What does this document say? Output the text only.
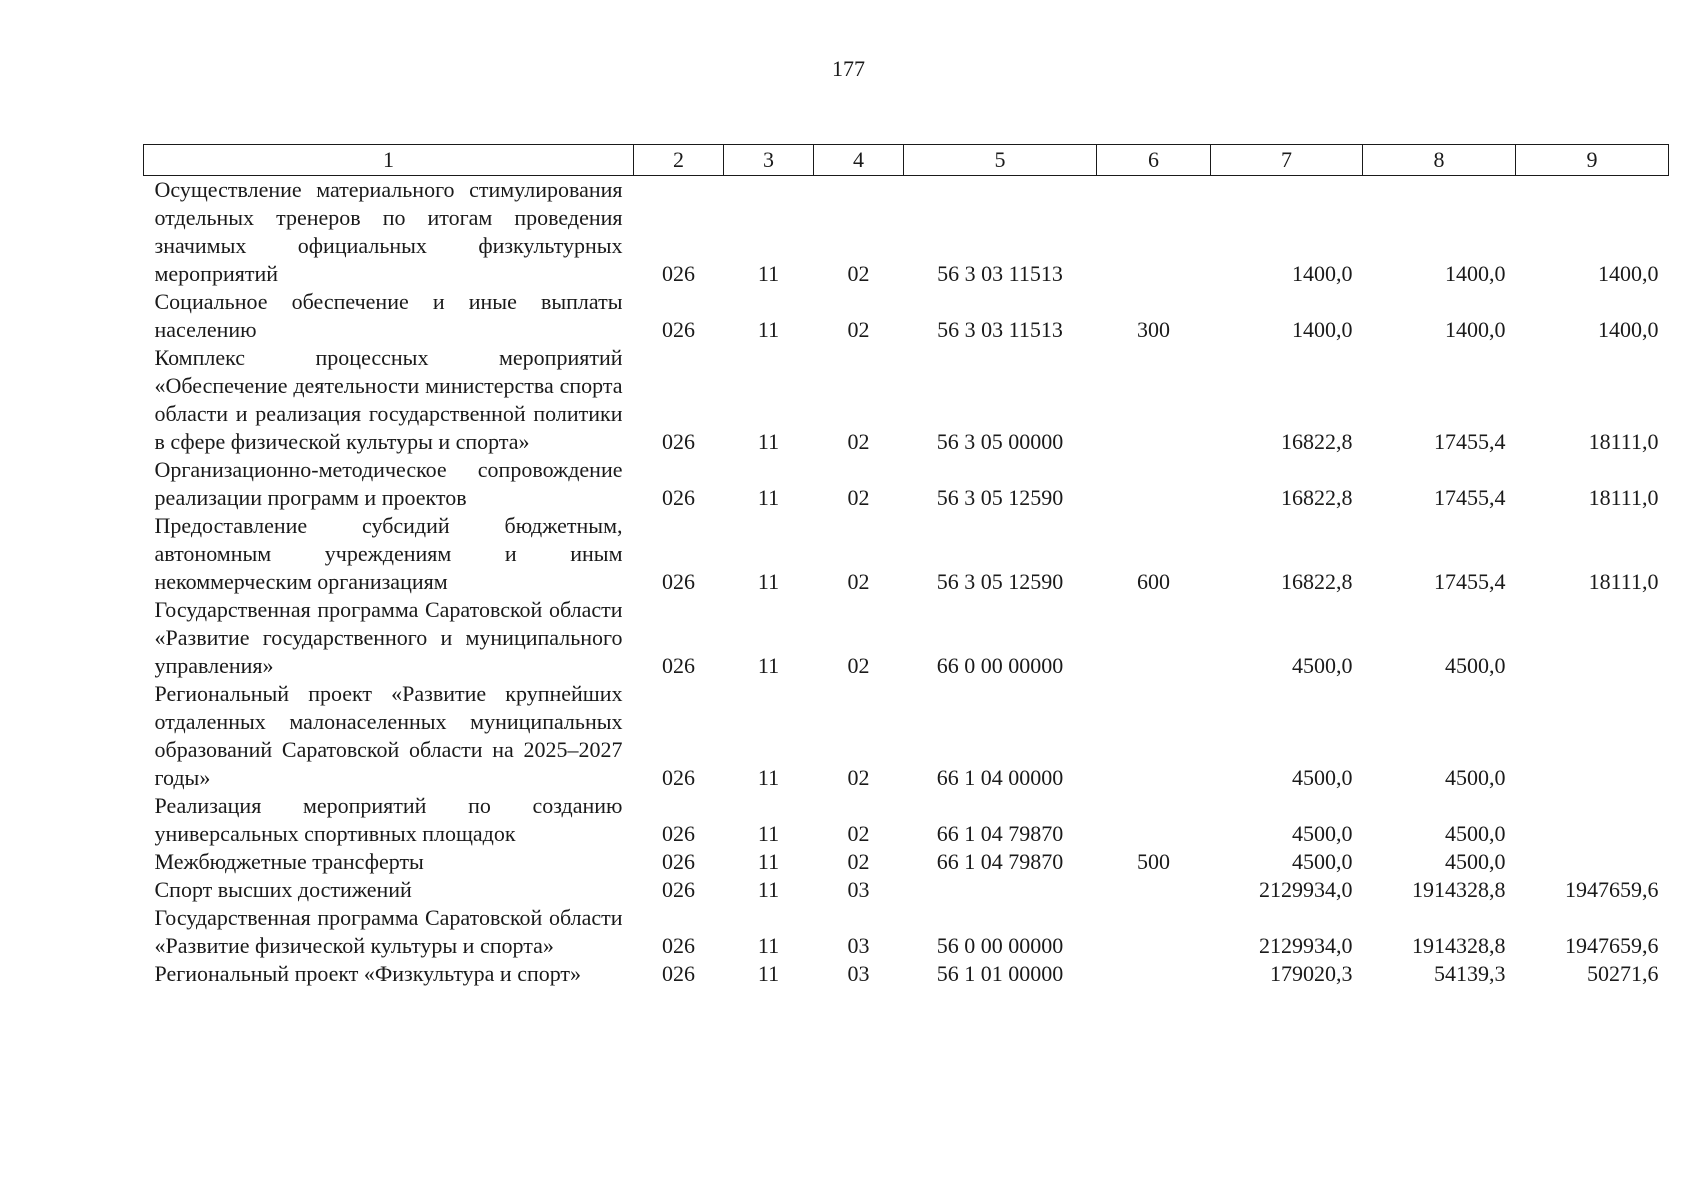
177
1	2	3	4	5	6	7	8	9
Осуществление материального стимулирования отдельных тренеров по итогам проведения значимых официальных физкультурных мероприятий	026	11	02	56 3 03 11513		1400,0	1400,0	1400,0
Социальное обеспечение и иные выплаты населению	026	11	02	56 3 03 11513	300	1400,0	1400,0	1400,0
Комплекс процессных мероприятий «Обеспечение деятельности министерства спорта области и реализация государственной политики в сфере физической культуры и спорта»	026	11	02	56 3 05 00000		16822,8	17455,4	18111,0
Организационно-методическое сопровождение реализации программ и проектов	026	11	02	56 3 05 12590		16822,8	17455,4	18111,0
Предоставление субсидий бюджетным, автономным учреждениям и иным некоммерческим организациям	026	11	02	56 3 05 12590	600	16822,8	17455,4	18111,0
Государственная программа Саратовской области «Развитие государственного и муниципального управления»	026	11	02	66 0 00 00000		4500,0	4500,0	
Региональный проект «Развитие крупнейших отдаленных малонаселенных муниципальных образований Саратовской области на 2025–2027 годы»	026	11	02	66 1 04 00000		4500,0	4500,0	
Реализация мероприятий по созданию универсальных спортивных площадок	026	11	02	66 1 04 79870		4500,0	4500,0	
Межбюджетные трансферты	026	11	02	66 1 04 79870	500	4500,0	4500,0	
Спорт высших достижений	026	11	03			2129934,0	1914328,8	1947659,6
Государственная программа Саратовской области «Развитие физической культуры и спорта»	026	11	03	56 0 00 00000		2129934,0	1914328,8	1947659,6
Региональный проект «Физкультура и спорт»	026	11	03	56 1 01 00000		179020,3	54139,3	50271,6
